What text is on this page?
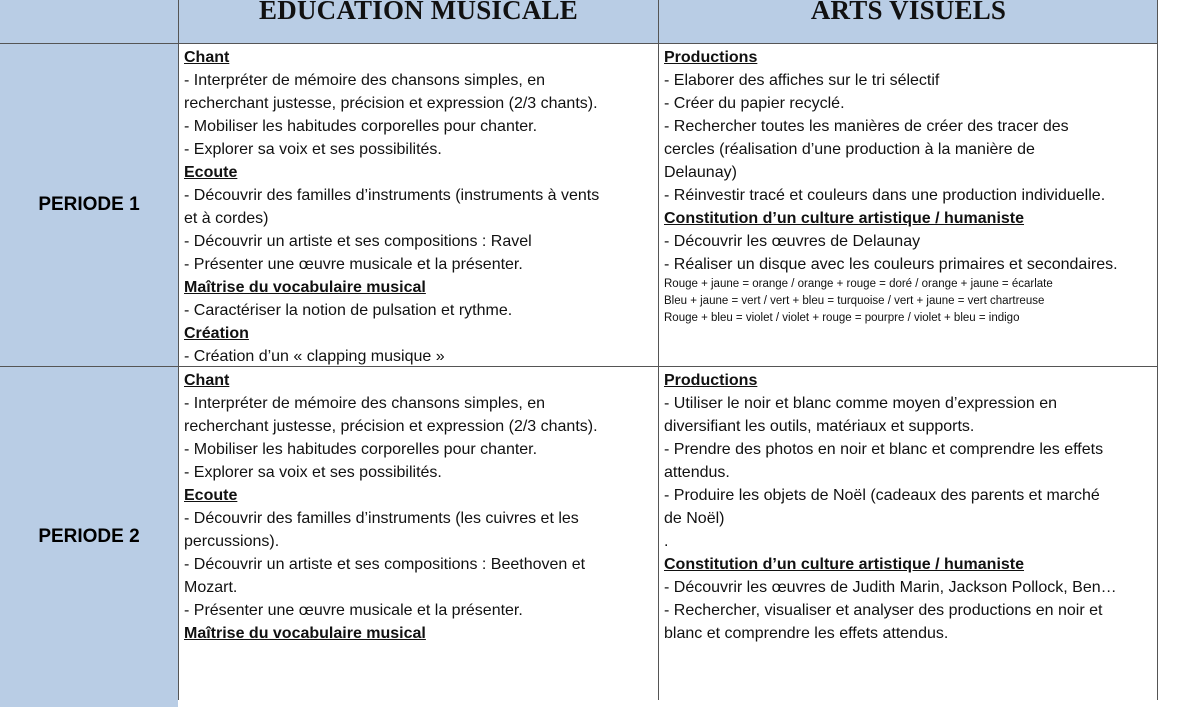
EDUCATION MUSICALE	ARTS VISUELS
PERIODE 1
PERIODE 2
Chant
- Interpréter de mémoire des chansons simples, en
recherchant justesse, précision et expression (2/3 chants).
- Mobiliser les habitudes corporelles pour chanter.
- Explorer sa voix et ses possibilités.
Ecoute
- Découvrir des familles d’instruments (instruments à vents
et à cordes)
- Découvrir un artiste et ses compositions : Ravel
- Présenter une œuvre musicale et la présenter.
Maîtrise du vocabulaire musical
- Caractériser la notion de pulsation et rythme.
Création
- Création d’un « clapping musique »
Productions
- Elaborer des affiches sur le tri sélectif
- Créer du papier recyclé.
- Rechercher toutes les manières de créer des tracer des
cercles (réalisation d’une production à la manière de
Delaunay)
- Réinvestir tracé et couleurs dans une production individuelle.
Constitution d’un culture artistique / humaniste
- Découvrir les œuvres de Delaunay
- Réaliser un disque avec les couleurs primaires et secondaires.
Rouge + jaune = orange / orange + rouge = doré / orange + jaune = écarlate
Bleu + jaune = vert / vert + bleu = turquoise / vert + jaune = vert chartreuse
Rouge + bleu = violet / violet + rouge = pourpre / violet + bleu = indigo
Chant
- Interpréter de mémoire des chansons simples, en
recherchant justesse, précision et expression (2/3 chants).
- Mobiliser les habitudes corporelles pour chanter.
- Explorer sa voix et ses possibilités.
Ecoute
- Découvrir des familles d’instruments (les cuivres et les
percussions).
- Découvrir un artiste et ses compositions : Beethoven et
Mozart.
- Présenter une œuvre musicale et la présenter.
Maîtrise du vocabulaire musical
Productions
- Utiliser le noir et blanc comme moyen d’expression en
diversifiant les outils, matériaux et supports.
- Prendre des photos en noir et blanc et comprendre les effets
attendus.
- Produire les objets de Noël (cadeaux des parents et marché
de Noël)
.
Constitution d’un culture artistique / humaniste
- Découvrir les œuvres de Judith Marin, Jackson Pollock, Ben…
- Rechercher, visualiser et analyser des productions en noir et
blanc et comprendre les effets attendus.
